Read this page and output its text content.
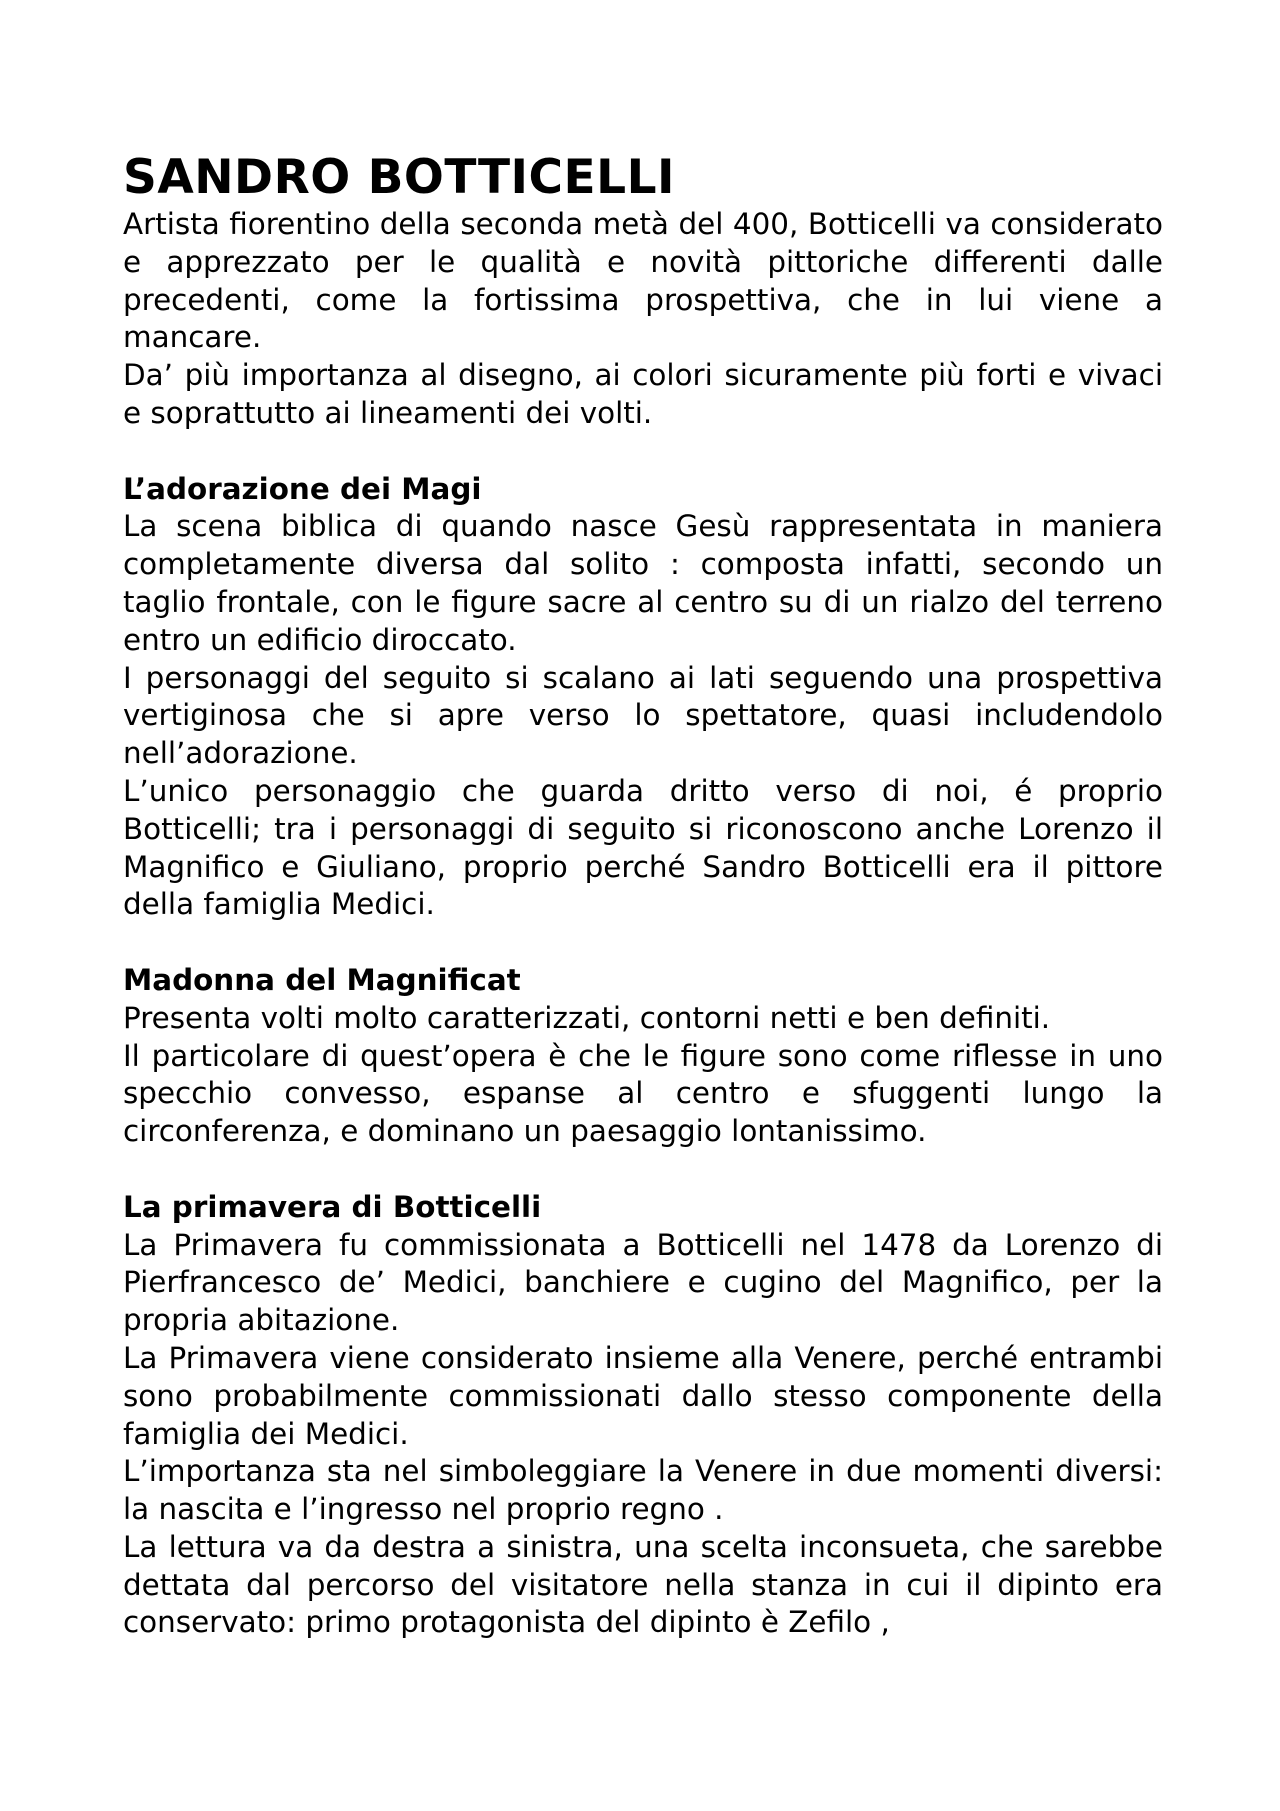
SANDRO BOTTICELLI

Artista fiorentino della seconda metà del 400, Botticelli va considerato e apprezzato per le qualità e novità pittoriche differenti dalle precedenti, come la fortissima prospettiva, che in lui viene a mancare.

Da’ più importanza al disegno, ai colori sicuramente più forti e vivaci e soprattutto ai lineamenti dei volti.

L’adorazione dei Magi

La scena biblica di quando nasce Gesù rappresentata in maniera completamente diversa dal solito : composta infatti, secondo un taglio frontale, con le figure sacre al centro su di un rialzo del terreno entro un edificio diroccato.

I personaggi del seguito si scalano ai lati seguendo una prospettiva vertiginosa che si apre verso lo spettatore, quasi includendolo nell’adorazione.

L’unico personaggio che guarda dritto verso di noi, é proprio Botticelli; tra i personaggi di seguito si riconoscono anche Lorenzo il Magnifico e Giuliano, proprio perché Sandro Botticelli era il pittore della famiglia Medici.

Madonna del Magnificat

Presenta volti molto caratterizzati, contorni netti e ben definiti.

Il particolare di quest’opera è che le figure sono come riflesse in uno specchio convesso, espanse al centro e sfuggenti lungo la circonferenza, e dominano un paesaggio lontanissimo.

La primavera di Botticelli

La Primavera fu commissionata a Botticelli nel 1478 da Lorenzo di Pierfrancesco de’ Medici, banchiere e cugino del Magnifico, per la propria abitazione.

La Primavera viene considerato insieme alla Venere, perché entrambi sono probabilmente commissionati dallo stesso componente della famiglia dei Medici.

L’importanza sta nel simboleggiare la Venere in due momenti diversi: la nascita e l’ingresso nel proprio regno .

La lettura va da destra a sinistra, una scelta inconsueta, che sarebbe dettata dal percorso del visitatore nella stanza in cui il dipinto era conservato: primo protagonista del dipinto è Zefilo ,
